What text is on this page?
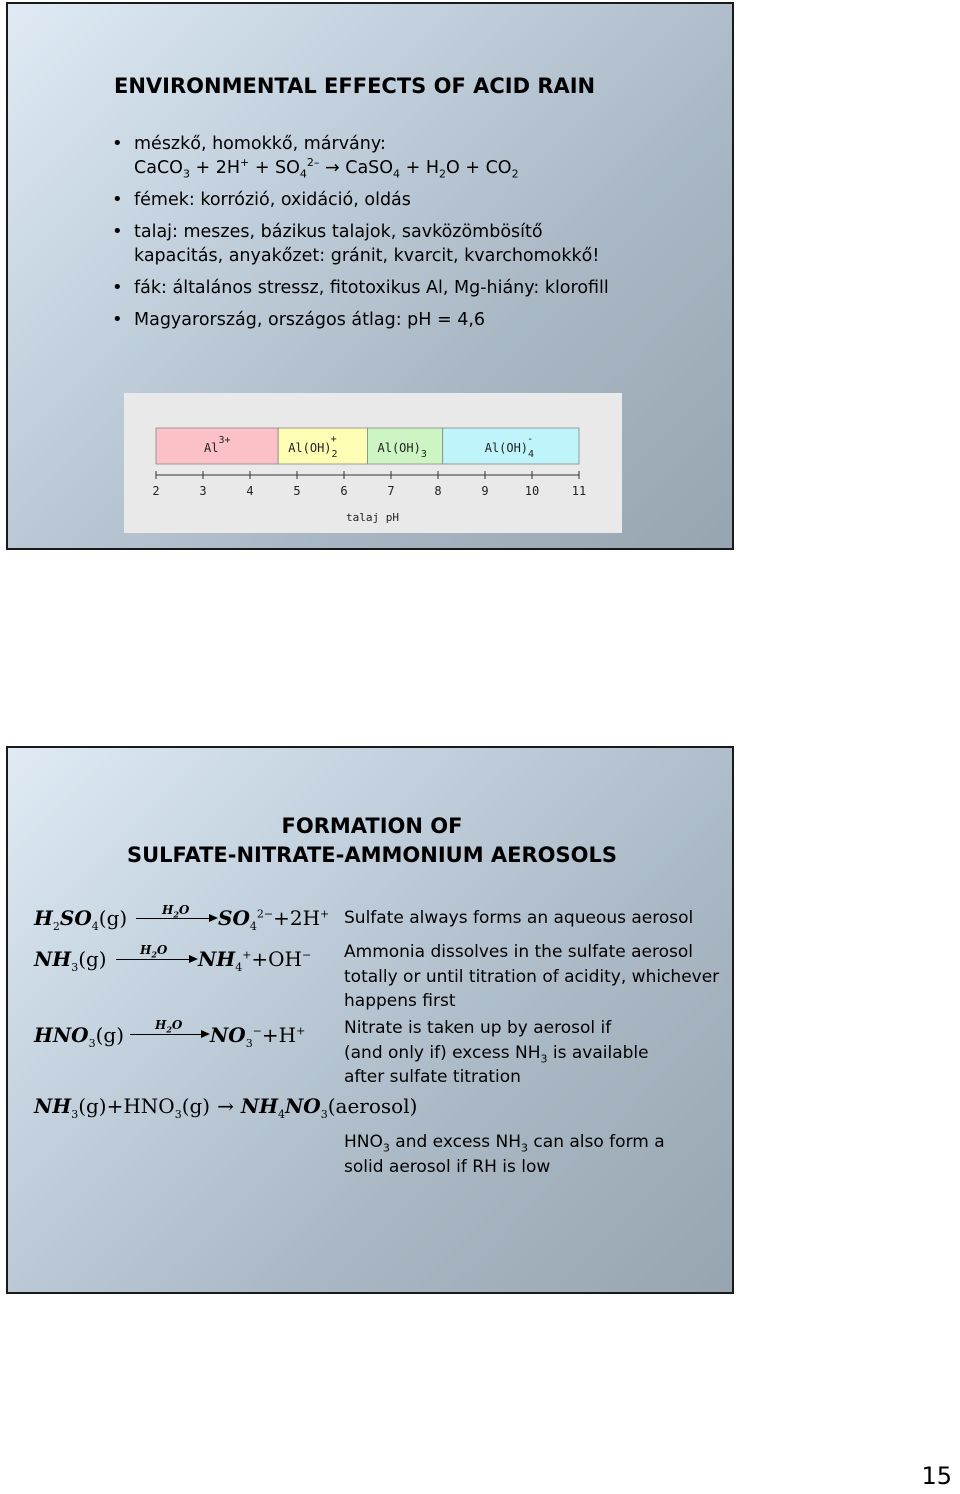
ENVIRONMENTAL EFFECTS OF ACID RAIN
• mészkő, homokkő, márvány:
CaCO$_3$ + $2H^+ + SO_4^{2-}$ → CaSO$_4$ + $H_2O + CO_2$
• fémek: korrózió, oxidáció, oldás
• talaj: meszes, bázikus talajok, savközömbösítő kapacitás, anyakőzet: gránit, kvarcit, kvarchomokkő!
• fák: általános stressz, fitotoxikus Al, Mg-hiány: klorofill
• Magyarország, országos átlag: pH = 4,6
$Al^{3+}$
$Al(OH)_2+$
$Al(OH)_3$	$Al(OH)_4-$
2	3	4	5	6	7	8	9	10	11
talaj pH
FORMATION OF
SULFATE-NITRATE-AMMONIUM AEROSOLS
$H_2SO_4(g)$	$H_2O$ $SO_4^{2-}+2H^+$ Sulfate always forms an aqueous aerosol
$NH_3(g)$	$H_2O$ $NH_4^++OH^-$ Ammonia dissolves in the sulfate aerosol totally or until titration of acidity, whichever happens first
$HNO_3(g)$	$H_2O$ $NO_3^-+H^+$ Nitrate is taken up by aerosol if
(and only if) excess $NH_3$ is available
after sulfate titration
$NH_3(g)+HNO_3(g)$ → $NH_4NO_3(aerosol)$
$HNO_3$ and excess $NH_3$ can also form a
solid aerosol if RH is low
15
